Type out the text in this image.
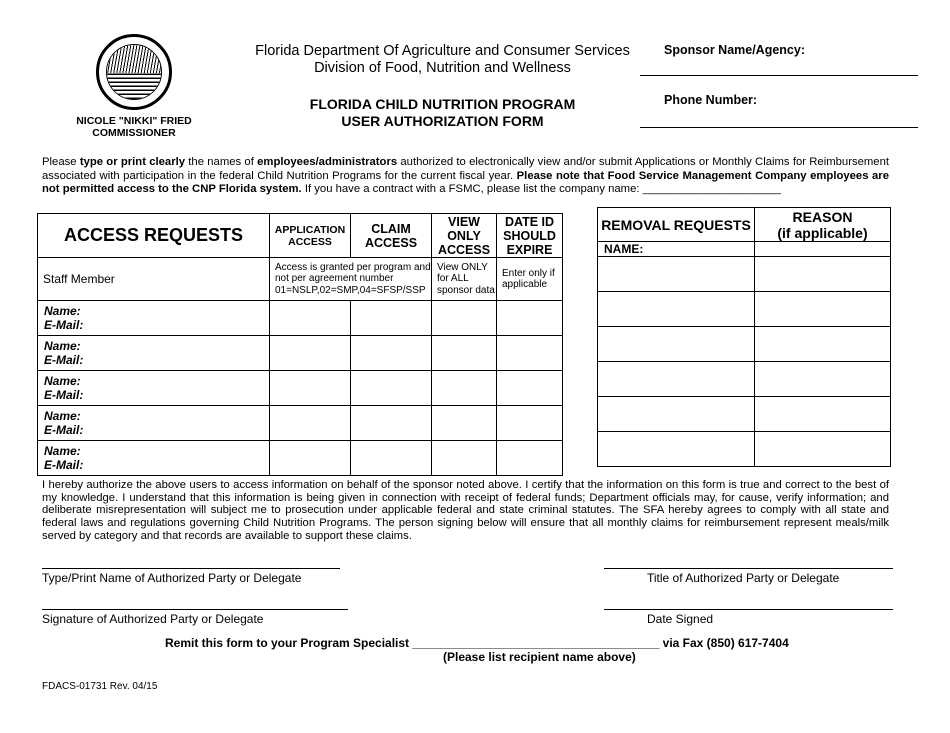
NICOLE "NIKKI" FRIED
COMMISSIONER
Florida Department Of Agriculture and Consumer Services
Division of Food, Nutrition and Wellness
FLORIDA CHILD NUTRITION PROGRAM
USER AUTHORIZATION FORM
Sponsor Name/Agency:
Phone Number:
Please type or print clearly the names of employees/administrators authorized to electronically view and/or submit Applications or Monthly Claims for Reimbursement associated with participation in the federal Child Nutrition Programs for the current fiscal year. Please note that Food Service Management Company employees are not permitted access to the CNP Florida system. If you have a contract with a FSMC, please list the company name: ______________________
ACCESS REQUESTS	APPLICATION ACCESS	CLAIM ACCESS	VIEW ONLY ACCESS	DATE ID SHOULD EXPIRE
Staff Member	Access is granted per program and not per agreement number 01=NSLP,02=SMP,04=SFSP/SSP		View ONLY for ALL sponsor data	Enter only if applicable

Name:
E-Mail:				

Name:
E-Mail:				

Name:
E-Mail:				

Name:
E-Mail:				

Name:
E-Mail:				

REMOVAL REQUESTS	REASON
(if applicable)

NAME:	

I hereby authorize the above users to access information on behalf of the sponsor noted above. I certify that the information on this form is true and correct to the best of my knowledge. I understand that this information is being given in connection with receipt of federal funds; Department officials may, for cause, verify information; and deliberate misrepresentation will subject me to prosecution under applicable federal and state criminal statutes. The SFA hereby agrees to comply with all state and federal laws and regulations governing Child Nutrition Programs. The person signing below will ensure that all monthly claims for reimbursement represent meals/milk served by category and that records are available to support these claims.
Type/Print Name of Authorized Party or Delegate	Title of Authorized Party or Delegate
Signature of Authorized Party or Delegate	Date Signed
Remit this form to your Program Specialist _____________________________________ via Fax (850) 617-7404
(Please list recipient name above)
FDACS-01731 Rev. 04/15
